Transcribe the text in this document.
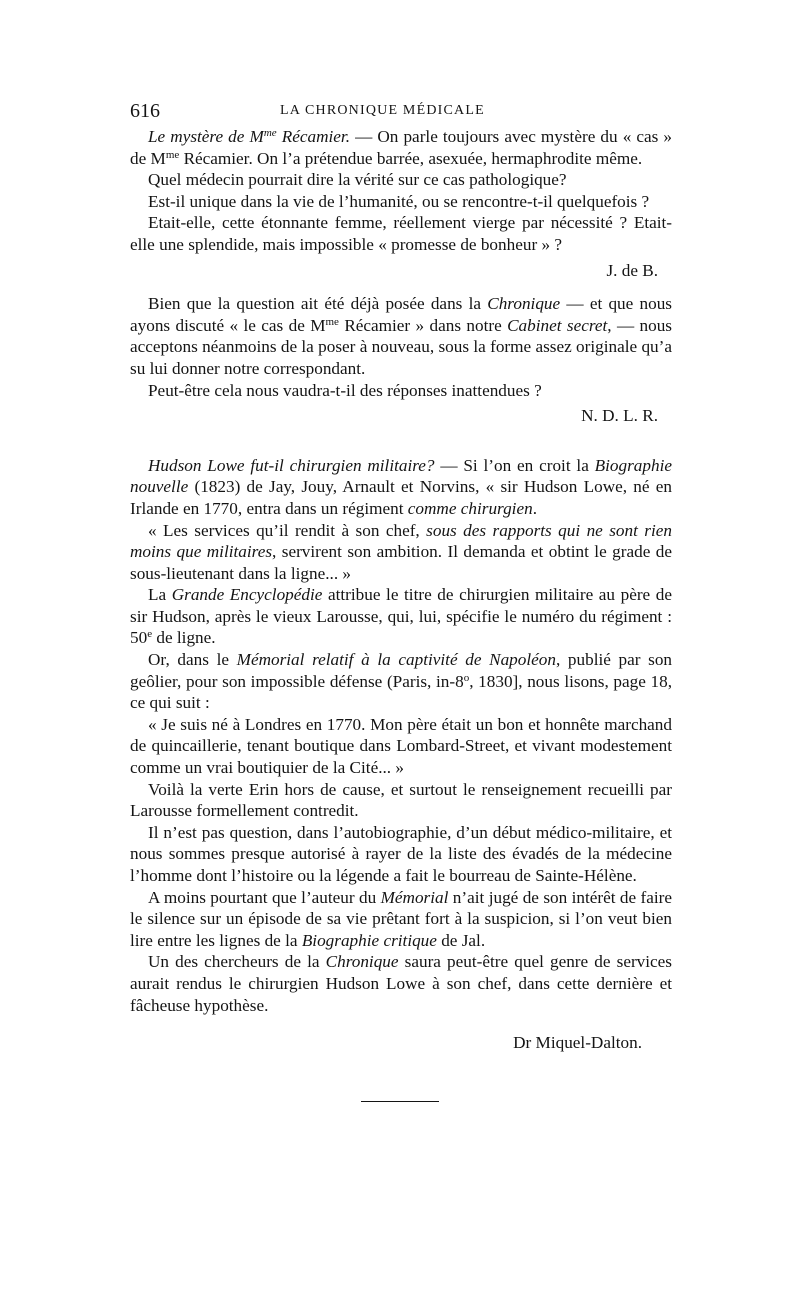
616	LA CHRONIQUE MÉDICALE

Le mystère de $M^{me}$ Récamier. — On parle toujours avec mystère du « cas » de $M^{me}$ Récamier. On l’a prétendue barrée, asexuée, hermaphrodite même.

Quel médecin pourrait dire la vérité sur ce cas pathologique?

Est-il unique dans la vie de l’humanité, ou se rencontre-t-il quelquefois ?

Etait-elle, cette étonnante femme, réellement vierge par nécessité ? Etait-elle une splendide, mais impossible « promesse de bonheur » ?

J. de B.

Bien que la question ait été déjà posée dans la Chronique — et que nous ayons discuté « le cas de $M^{me}$ Récamier » dans notre Cabinet secret, — nous acceptons néanmoins de la poser à nouveau, sous la forme assez originale qu’a su lui donner notre correspondant.

Peut-être cela nous vaudra-t-il des réponses inattendues ?

N. D. L. R.

Hudson Lowe fut-il chirurgien militaire? — Si l’on en croit la Biographie nouvelle (1823) de Jay, Jouy, Arnault et Norvins, « sir Hudson Lowe, né en Irlande en 1770, entra dans un régiment comme chirurgien.

« Les services qu’il rendit à son chef, sous des rapports qui ne sont rien moins que militaires, servirent son ambition. Il demanda et obtint le grade de sous-lieutenant dans la ligne... »

La Grande Encyclopédie attribue le titre de chirurgien militaire au père de sir Hudson, après le vieux Larousse, qui, lui, spécifie le numéro du régiment : 50e de ligne.

Or, dans le Mémorial relatif à la captivité de Napoléon, publié par son geôlier, pour son impossible défense (Paris, in-8$^o$, 1830], nous lisons, page 18, ce qui suit :

« Je suis né à Londres en 1770. Mon père était un bon et honnête marchand de quincaillerie, tenant boutique dans Lombard-Street, et vivant modestement comme un vrai boutiquier de la Cité... »

Voilà la verte Erin hors de cause, et surtout le renseignement recueilli par Larousse formellement contredit.

Il n’est pas question, dans l’autobiographie, d’un début médico-militaire, et nous sommes presque autorisé à rayer de la liste des évadés de la médecine l’homme dont l’histoire ou la légende a fait le bourreau de Sainte-Hélène.

A moins pourtant que l’auteur du Mémorial n’ait jugé de son intérêt de faire le silence sur un épisode de sa vie prêtant fort à la suspicion, si l’on veut bien lire entre les lignes de la Biographie critique de Jal.

Un des chercheurs de la Chronique saura peut-être quel genre de services aurait rendus le chirurgien Hudson Lowe à son chef, dans cette dernière et fâcheuse hypothèse.

Dr Miquel-Dalton.
